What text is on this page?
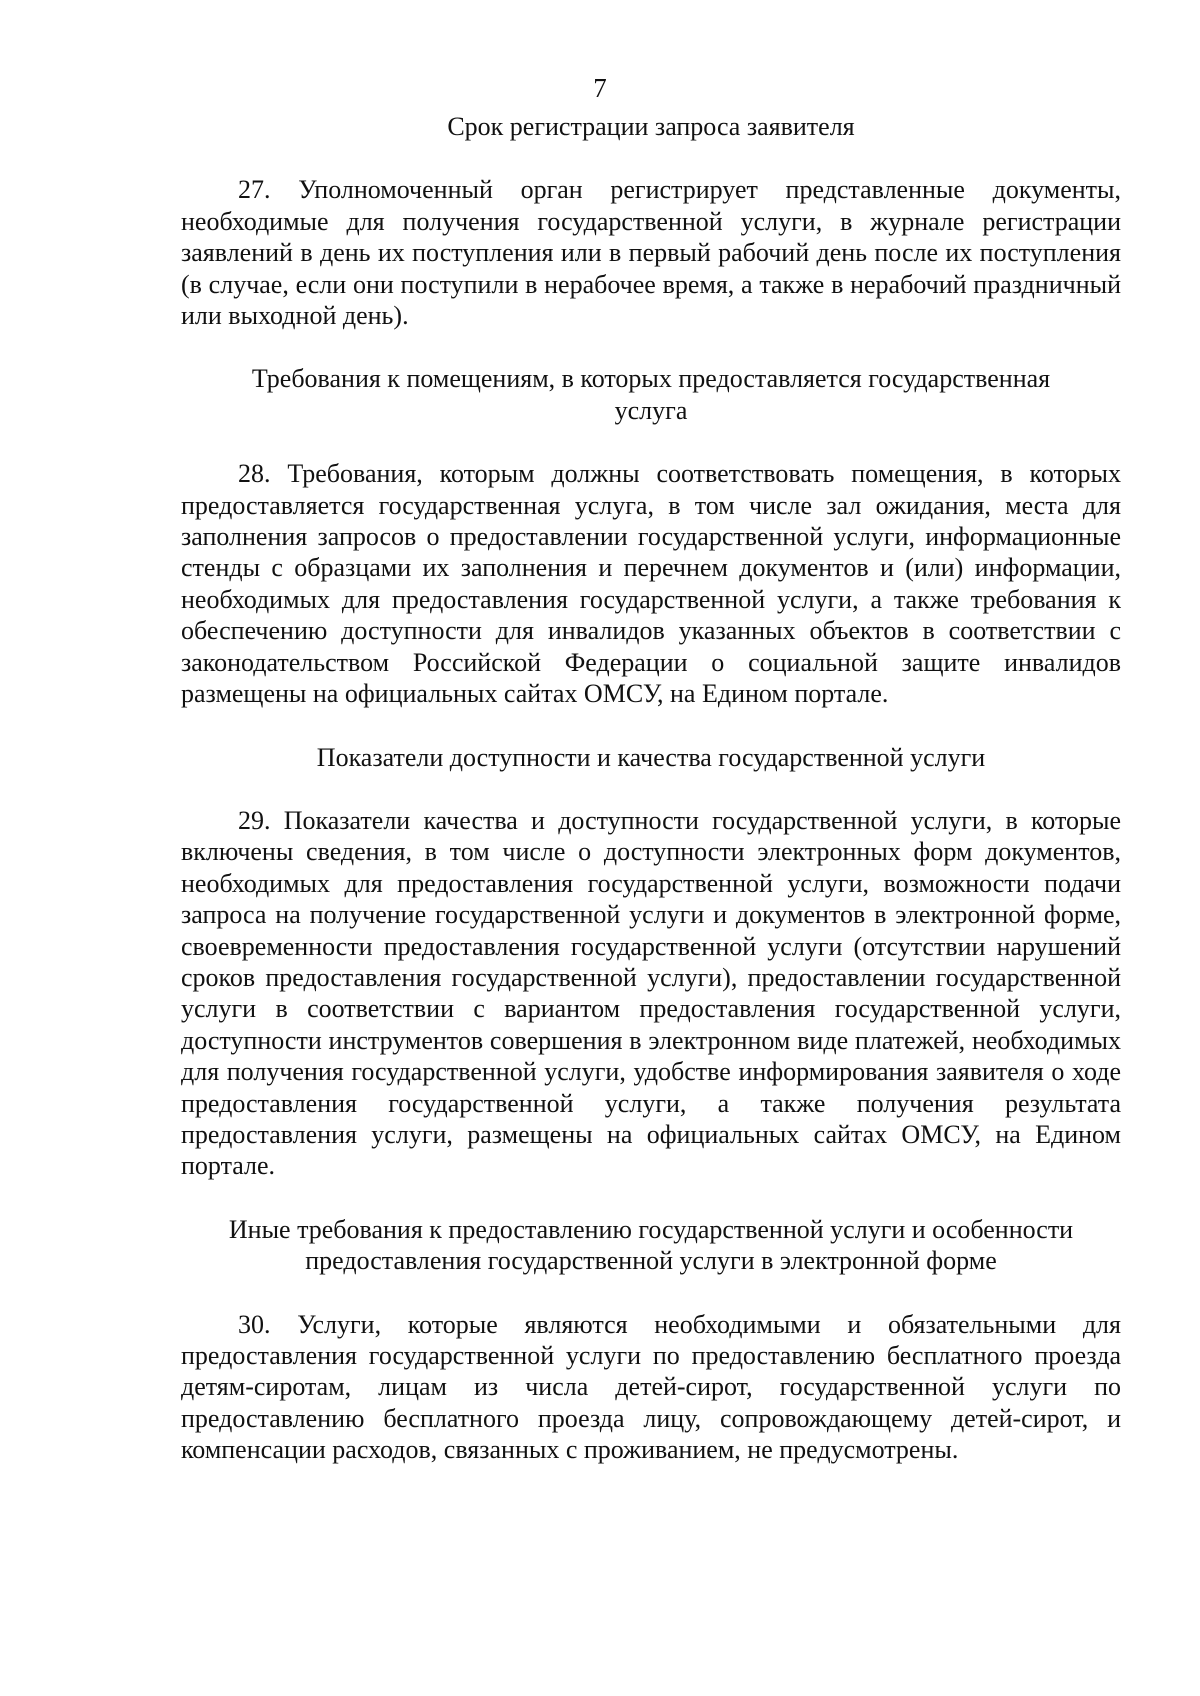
7
Срок регистрации запроса заявителя

27. Уполномоченный орган регистрирует представленные документы, необходимые для получения государственной услуги, в журнале регистрации заявлений в день их поступления или в первый рабочий день после их поступления (в случае, если они поступили в нерабочее время, а также в нерабочий праздничный или выходной день).

Требования к помещениям, в которых предоставляется государственная услуга

28. Требования, которым должны соответствовать помещения, в которых предоставляется государственная услуга, в том числе зал ожидания, места для заполнения запросов о предоставлении государственной услуги, информационные стенды с образцами их заполнения и перечнем документов и (или) информации, необходимых для предоставления государственной услуги, а также требования к обеспечению доступности для инвалидов указанных объектов в соответствии с законодательством Российской Федерации о социальной защите инвалидов размещены на официальных сайтах ОМСУ, на Едином портале.

Показатели доступности и качества государственной услуги

29. Показатели качества и доступности государственной услуги, в которые включены сведения, в том числе о доступности электронных форм документов, необходимых для предоставления государственной услуги, возможности подачи запроса на получение государственной услуги и документов в электронной форме, своевременности предоставления государственной услуги (отсутствии нарушений сроков предоставления государственной услуги), предоставлении государственной услуги в соответствии с вариантом предоставления государственной услуги, доступности инструментов совершения в электронном виде платежей, необходимых для получения государственной услуги, удобстве информирования заявителя о ходе предоставления государственной услуги, а также получения результата предоставления услуги, размещены на официальных сайтах ОМСУ, на Едином портале.

Иные требования к предоставлению государственной услуги и особенности предоставления государственной услуги в электронной форме

30. Услуги, которые являются необходимыми и обязательными для предоставления государственной услуги по предоставлению бесплатного проезда детям-сиротам, лицам из числа детей-сирот, государственной услуги по предоставлению бесплатного проезда лицу, сопровождающему детей-сирот, и компенсации расходов, связанных с проживанием, не предусмотрены.
